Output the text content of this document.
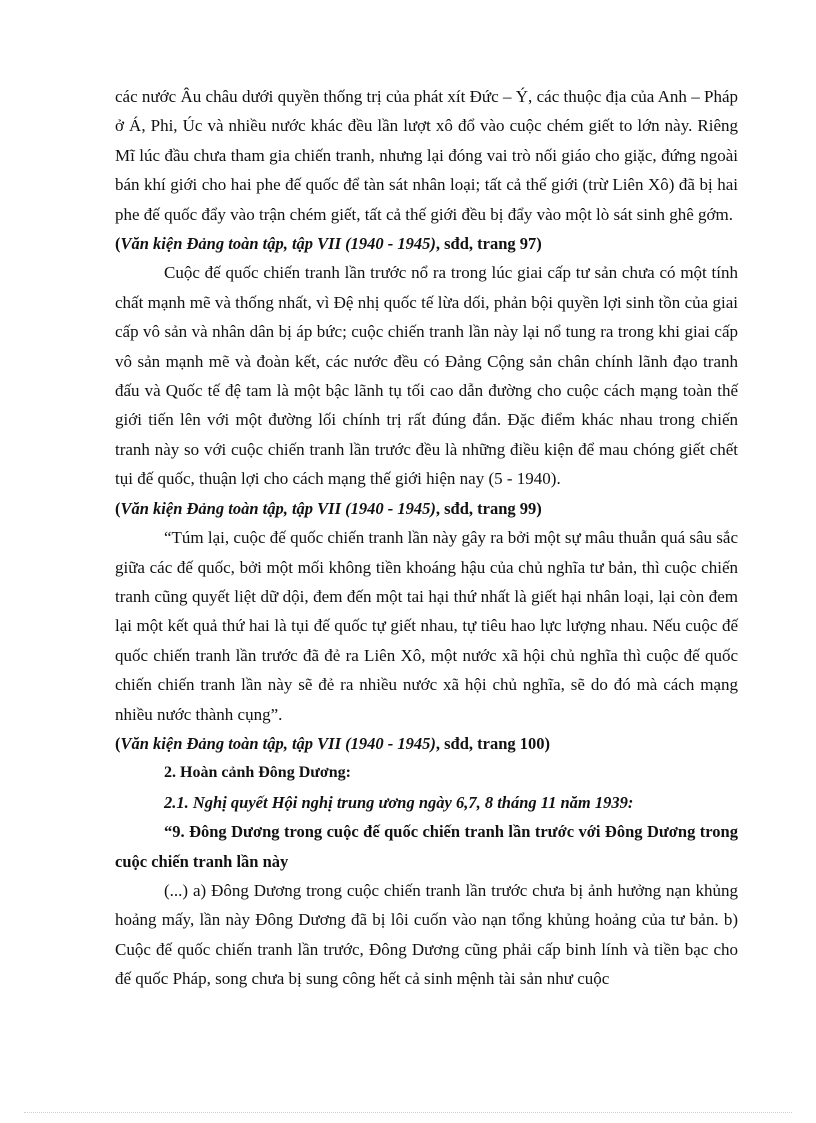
các nước Âu châu dưới quyền thống trị của phát xít Đức – Ý, các thuộc địa của Anh – Pháp ở Á, Phi, Úc và nhiều nước khác đều lần lượt xô đổ vào cuộc chém giết to lớn này. Riêng Mĩ lúc đầu chưa tham gia chiến tranh, nhưng lại đóng vai trò nối giáo cho giặc, đứng ngoài bán khí giới cho hai phe đế quốc để tàn sát nhân loại; tất cả thế giới (trừ Liên Xô) đã bị hai phe đế quốc đẩy vào trận chém giết, tất cả thế giới đều bị đẩy vào một lò sát sinh ghê gớm.

(Văn kiện Đảng toàn tập, tập VII (1940 - 1945), sđd, trang 97)

Cuộc đế quốc chiến tranh lần trước nổ ra trong lúc giai cấp tư sản chưa có một tính chất mạnh mẽ và thống nhất, vì Đệ nhị quốc tế lừa dối, phản bội quyền lợi sinh tồn của giai cấp vô sản và nhân dân bị áp bức; cuộc chiến tranh lần này lại nổ tung ra trong khi giai cấp vô sản mạnh mẽ và đoàn kết, các nước đều có Đảng Cộng sản chân chính lãnh đạo tranh đấu và Quốc tế đệ tam là một bậc lãnh tụ tối cao dẫn đường cho cuộc cách mạng toàn thế giới tiến lên với một đường lối chính trị rất đúng đắn. Đặc điểm khác nhau trong chiến tranh này so với cuộc chiến tranh lần trước đều là những điều kiện để mau chóng giết chết tụi đế quốc, thuận lợi cho cách mạng thế giới hiện nay (5 - 1940).

(Văn kiện Đảng toàn tập, tập VII (1940 - 1945), sđd, trang 99)

“Túm lại, cuộc đế quốc chiến tranh lần này gây ra bởi một sự mâu thuẫn quá sâu sắc giữa các đế quốc, bởi một mối không tiền khoáng hậu của chủ nghĩa tư bản, thì cuộc chiến tranh cũng quyết liệt dữ dội, đem đến một tai hại thứ nhất là giết hại nhân loại, lại còn đem lại một kết quả thứ hai là tụi đế quốc tự giết nhau, tự tiêu hao lực lượng nhau. Nếu cuộc đế quốc chiến tranh lần trước đã đẻ ra Liên Xô, một nước xã hội chủ nghĩa thì cuộc đế quốc chiến chiến tranh lần này sẽ đẻ ra nhiều nước xã hội chủ nghĩa, sẽ do đó mà cách mạng nhiều nước thành cụng”.

(Văn kiện Đảng toàn tập, tập VII (1940 - 1945), sđd, trang 100)

2. Hoàn cảnh Đông Dương:

2.1. Nghị quyết Hội nghị trung ương ngày 6,7, 8 tháng 11 năm 1939:

“9. Đông Dương trong cuộc đế quốc chiến tranh lần trước với Đông Dương trong cuộc chiến tranh lần này

(...) a) Đông Dương trong cuộc chiến tranh lần trước chưa bị ảnh hưởng nạn khủng hoảng mấy, lần này Đông Dương đã bị lôi cuốn vào nạn tổng khủng hoảng của tư bản. b) Cuộc đế quốc chiến tranh lần trước, Đông Dương cũng phải cấp binh lính và tiền bạc cho đế quốc Pháp, song chưa bị sung công hết cả sinh mệnh tài sản như cuộc
